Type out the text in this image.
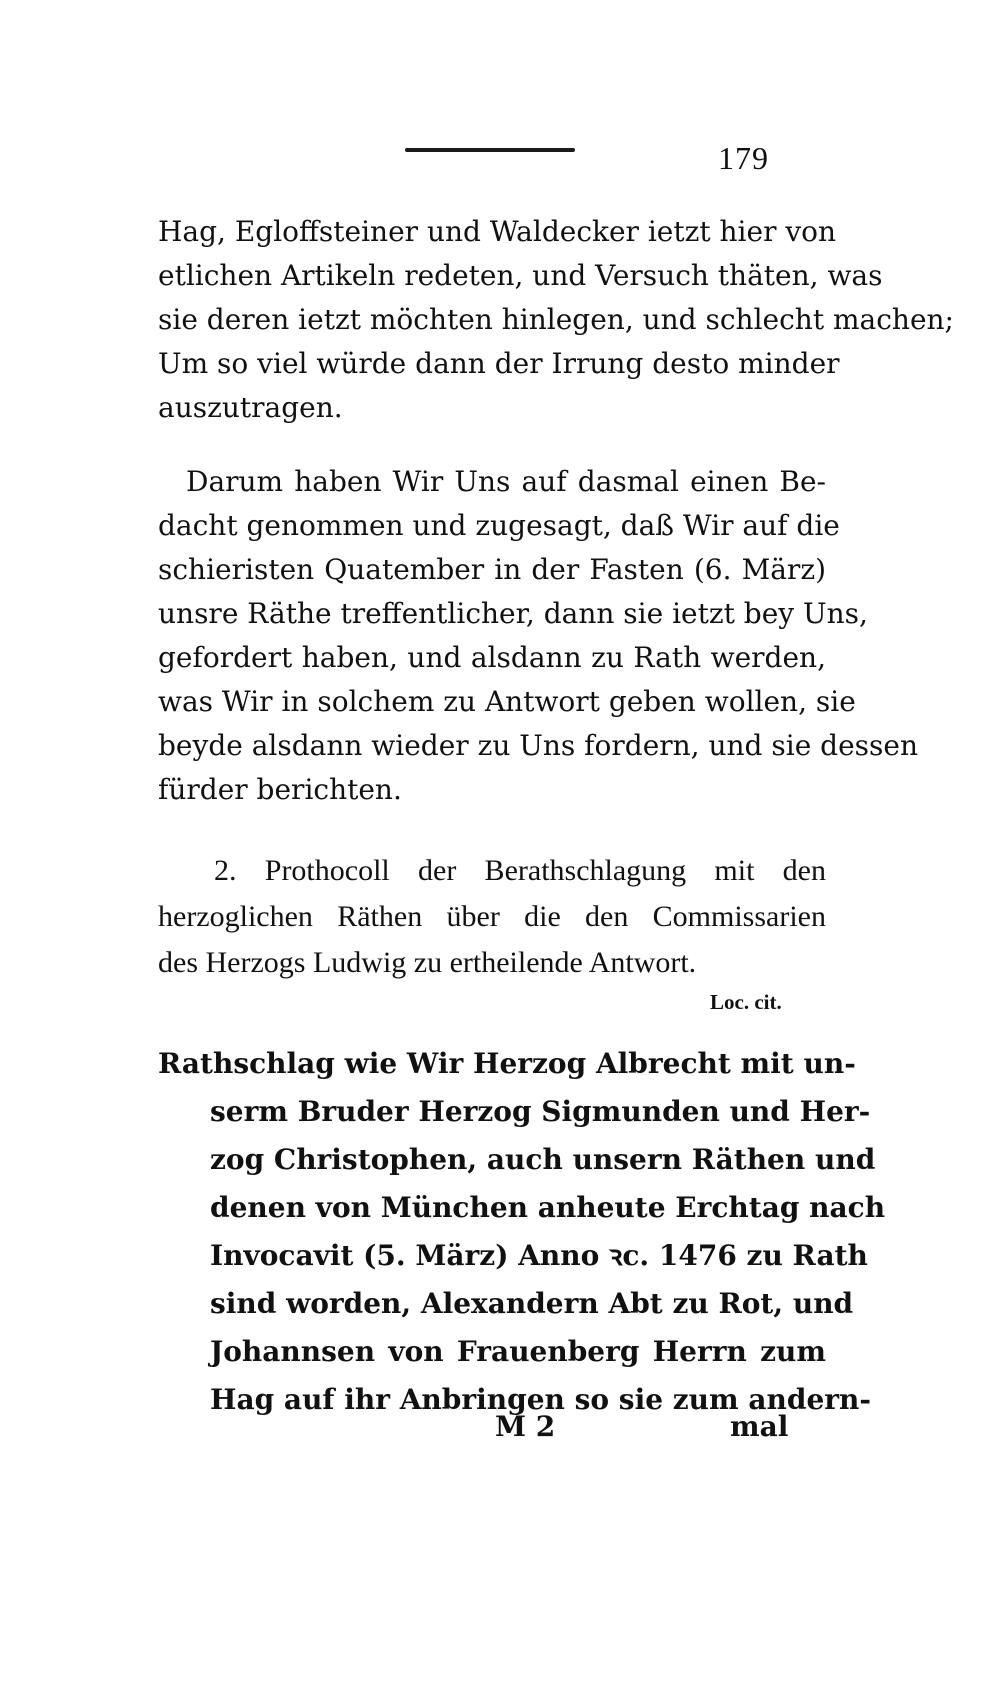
179
Hag, Egloffsteiner und Waldecker ietzt hier von
etlichen Artikeln redeten, und Versuch thäten, was
sie deren ietzt möchten hinlegen, und schlecht machen;
Um so viel würde dann der Irrung desto minder
auszutragen.
Darum haben Wir Uns auf dasmal einen Be-
dacht genommen und zugesagt, daß Wir auf die
schieristen Quatember in der Fasten (6. März)
unsre Räthe treffentlicher, dann sie ietzt bey Uns,
gefordert haben, und alsdann zu Rath werden,
was Wir in solchem zu Antwort geben wollen, sie
beyde alsdann wieder zu Uns fordern, und sie dessen
fürder berichten.
2. Prothocoll der Berathschlagung mit den
herzoglichen Räthen über die den Commissarien
des Herzogs Ludwig zu ertheilende Antwort.
Loc. cit.
Rathschlag wie Wir Herzog Albrecht mit un-
serm Bruder Herzog Sigmunden und Her-
zog Christophen, auch unsern Räthen und
denen von München anheute Erchtag nach
Invocavit (5. März) Anno ꝛc. 1476 zu Rath
sind worden, Alexandern Abt zu Rot, und
Johannsen von Frauenberg Herrn zum
Hag auf ihr Anbringen so sie zum andern-
M 2	mal
